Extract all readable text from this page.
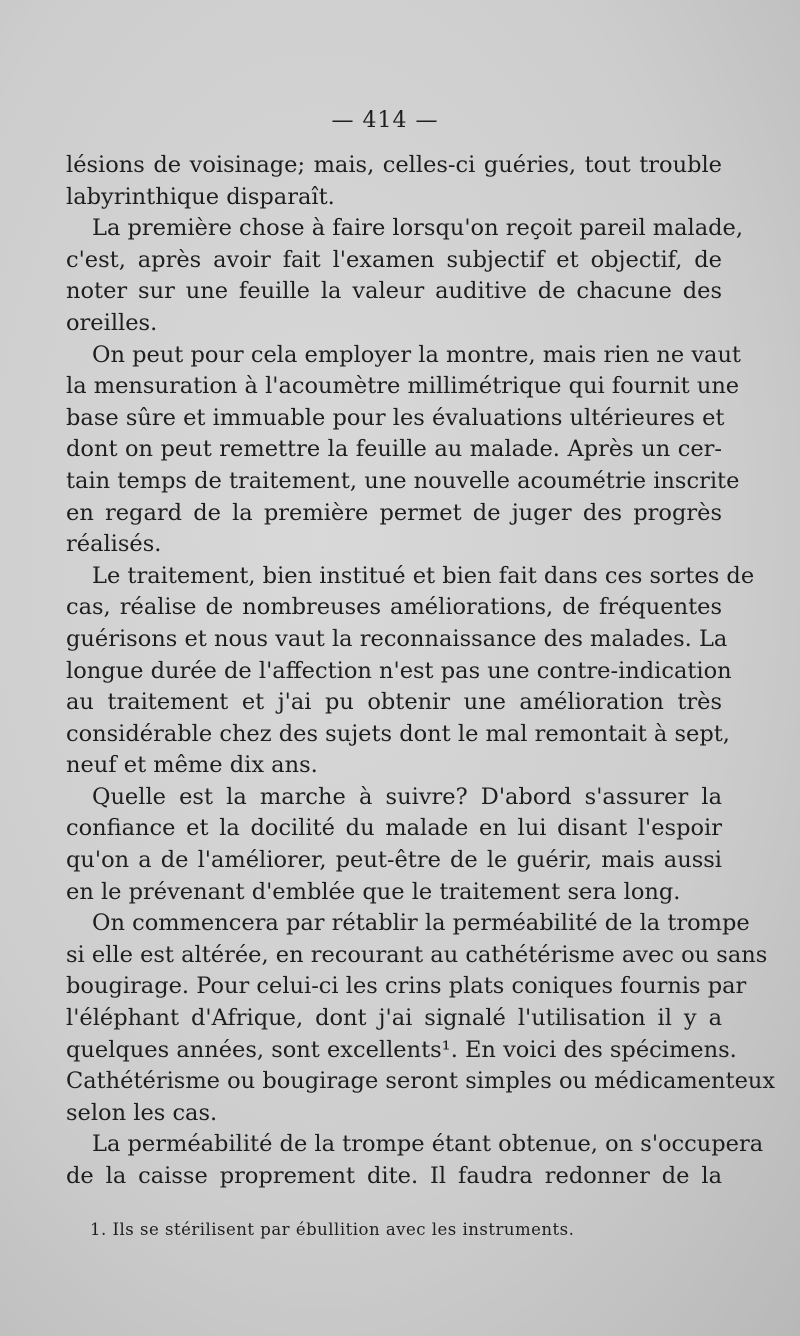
— 414 —

lésions de voisinage; mais, celles-ci guéries, tout trouble
labyrinthique disparaît.

La première chose à faire lorsqu'on reçoit pareil malade,
c'est, après avoir fait l'examen subjectif et objectif, de
noter sur une feuille la valeur auditive de chacune des
oreilles.

On peut pour cela employer la montre, mais rien ne vaut
la mensuration à l'acoumètre millimétrique qui fournit une
base sûre et immuable pour les évaluations ultérieures et
dont on peut remettre la feuille au malade. Après un cer-
tain temps de traitement, une nouvelle acoumétrie inscrite
en regard de la première permet de juger des progrès
réalisés.

Le traitement, bien institué et bien fait dans ces sortes de
cas, réalise de nombreuses améliorations, de fréquentes
guérisons et nous vaut la reconnaissance des malades. La
longue durée de l'affection n'est pas une contre-indication
au traitement et j'ai pu obtenir une amélioration très
considérable chez des sujets dont le mal remontait à sept,
neuf et même dix ans.

Quelle est la marche à suivre? D'abord s'assurer la
confiance et la docilité du malade en lui disant l'espoir
qu'on a de l'améliorer, peut-être de le guérir, mais aussi
en le prévenant d'emblée que le traitement sera long.

On commencera par rétablir la perméabilité de la trompe
si elle est altérée, en recourant au cathétérisme avec ou sans
bougirage. Pour celui-ci les crins plats coniques fournis par
l'éléphant d'Afrique, dont j'ai signalé l'utilisation il y a
quelques années, sont excellents¹. En voici des spécimens.
Cathétérisme ou bougirage seront simples ou médicamenteux
selon les cas.

La perméabilité de la trompe étant obtenue, on s'occupera
de la caisse proprement dite. Il faudra redonner de la

1. Ils se stérilisent par ébullition avec les instruments.
